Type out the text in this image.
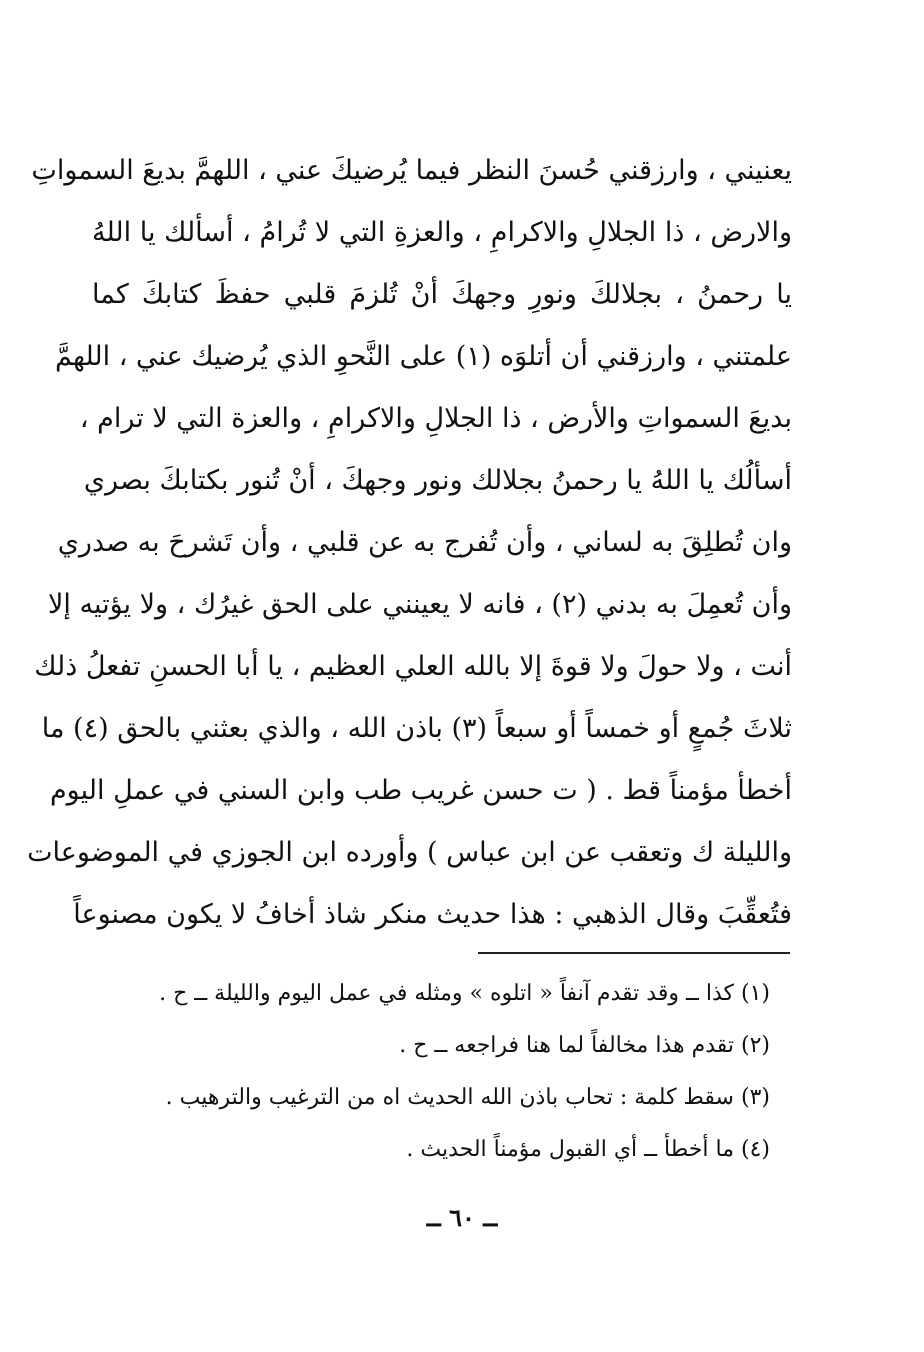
يعنيني ، وارزقني حُسنَ النظر فيما يُرضيكَ عني ، اللهمَّ بديعَ السمواتِ
والارض ، ذا الجلالِ والاكرامِ ، والعزةِ التي لا تُرامُ ، أسألك يا اللهُ
يا رحمنُ ، بجلالكَ ونورِ وجهكَ أنْ تُلزمَ قلبي حفظَ كتابكَ كما
علمتني ، وارزقني أن أتلوَه (١) على النَّحوِ الذي يُرضيك عني ، اللهمَّ
بديعَ السمواتِ والأرض ، ذا الجلالِ والاكرامِ ، والعزة التي لا ترام ،
أسألُك يا اللهُ يا رحمنُ بجلالك ونور وجهكَ ، أنْ تُنور بكتابكَ بصري
وان تُطلِقَ به لساني ، وأن تُفرج به عن قلبي ، وأن تَشرحَ به صدري
وأن تُعمِلَ به بدني (٢) ، فانه لا يعينني على الحق غيرُك ، ولا يؤتيه إلا
أنت ، ولا حولَ ولا قوةَ إلا بالله العلي العظيم ، يا أبا الحسنِ تفعلُ ذلك
ثلاثَ جُمعٍ أو خمساً أو سبعاً (٣) باذن الله ، والذي بعثني بالحق (٤) ما
أخطأ مؤمناً قط . ( ت حسن غريب طب وابن السني في عملِ اليوم
والليلة ك وتعقب عن ابن عباس ) وأورده ابن الجوزي في الموضوعات
فتُعقِّبَ وقال الذهبي : هذا حديث منكر شاذ أخافُ لا يكون مصنوعاً
(١) كذا ــ وقد تقدم آنفاً « اتلوه » ومثله في عمل اليوم والليلة ــ ح .
(٢) تقدم هذا مخالفاً لما هنا فراجعه ــ ح .
(٣) سقط كلمة : تحاب باذن الله الحديث اه من الترغيب والترهيب .
(٤) ما أخطأ ــ أي القبول مؤمناً الحديث .
ــ ٦٠ ــ
